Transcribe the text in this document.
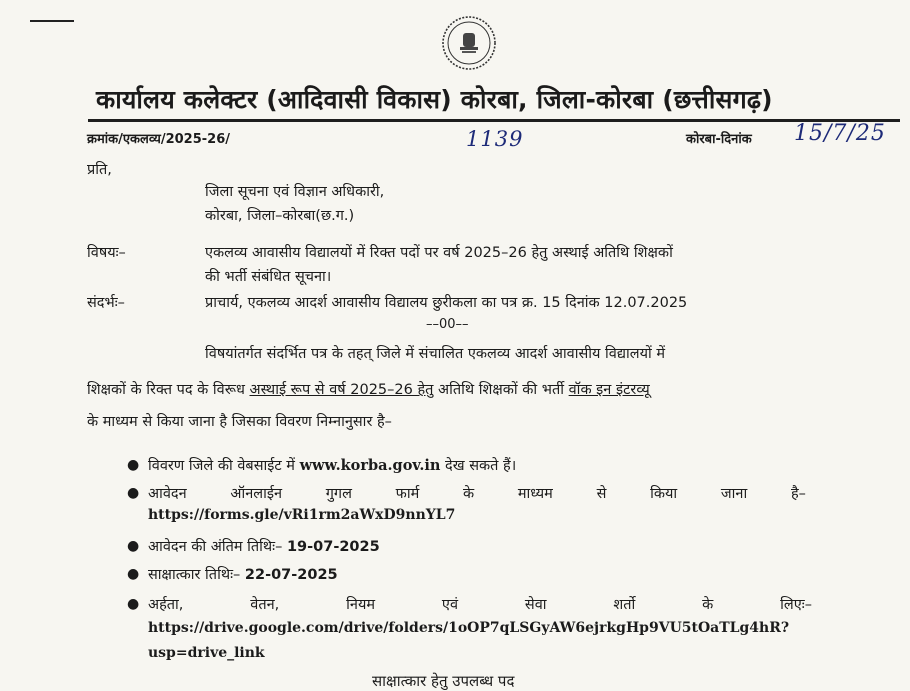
कार्यालय कलेक्टर (आदिवासी विकास) कोरबा, जिला-कोरबा (छत्तीसगढ़)
क्रमांक/एकलव्य/2025-26/	1139	कोरबा-दिनांक 15/7/25
प्रति,
जिला सूचना एवं विज्ञान अधिकारी,
कोरबा, जिला–कोरबा(छ.ग.)
विषयः–	एकलव्य आवासीय विद्यालयों में रिक्त पदों पर वर्ष 2025–26 हेतु अस्थाई अतिथि शिक्षकों
की भर्ती संबंधित सूचना।
संदर्भः–	प्राचार्य, एकलव्य आदर्श आवासीय विद्यालय छुरीकला का पत्र क्र. 15 दिनांक 12.07.2025
––00––
विषयांतर्गत संदर्भित पत्र के तहत् जिले में संचालित एकलव्य आदर्श आवासीय विद्यालयों में
शिक्षकों के रिक्त पद के विरूध अस्थाई रूप से वर्ष 2025–26 हेतु अतिथि शिक्षकों की भर्ती वॉक इन इंटरव्यू
के माध्यम से किया जाना है जिसका विवरण निम्नानुसार है–
●
●
●
●
●
विवरण जिले की वेबसाईट में www.korba.gov.in देख सकते हैं।
आवेदन	ऑनलाईन	गुगल	फार्म	के	माध्यम	से	किया	जाना	है–
https://forms.gle/vRi1rm2aWxD9nnYL7
आवेदन की अंतिम तिथिः– 19-07-2025
साक्षात्कार तिथिः– 22-07-2025
अर्हता,	वेतन,	नियम	एवं	सेवा	शर्तो	के	लिएः–
https://drive.google.com/drive/folders/1oOP7qLSGyAW6ejrkgHp9VU5tOaTLg4hR?
usp=drive_link
साक्षात्कार हेतु उपलब्ध पद
